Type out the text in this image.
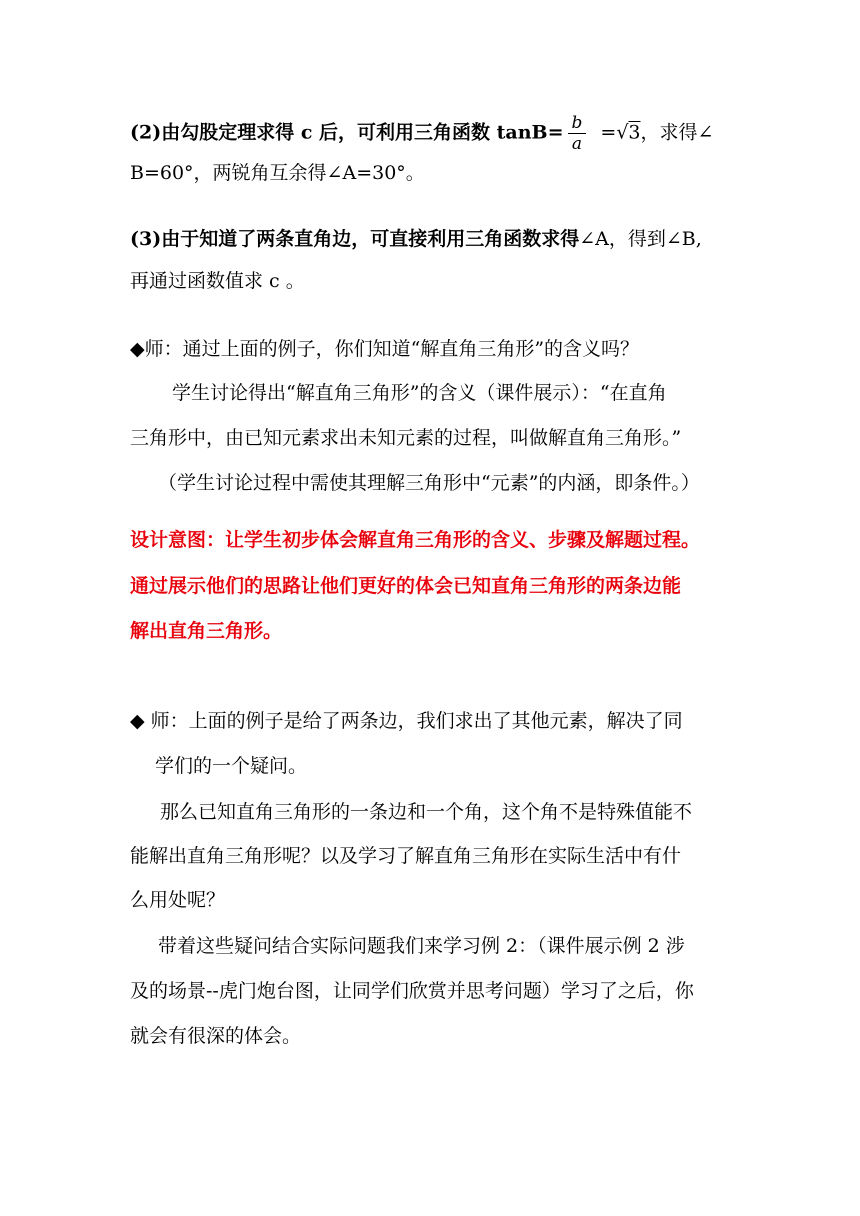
(2)由勾股定理求得 c 后，可利用三角函数 $\tan B= \frac{b}{a} =√3$，求得∠
B=60°，两锐角互余得∠A=30°。
(3)由于知道了两条直角边，可直接利用三角函数求得∠A，得到∠B,
再通过函数值求 c 。
◆师：通过上面的例子，你们知道“解直角三角形”的含义吗？
学生讨论得出“解直角三角形”的含义（课件展示）：“在直角
三角形中，由已知元素求出未知元素的过程，叫做解直角三角形。”
（学生讨论过程中需使其理解三角形中“元素”的内涵，即条件。）
设计意图：让学生初步体会解直角三角形的含义、步骤及解题过程。
通过展示他们的思路让他们更好的体会已知直角三角形的两条边能
解出直角三角形。
◆ 师：上面的例子是给了两条边，我们求出了其他元素，解决了同
学们的一个疑问。
那么已知直角三角形的一条边和一个角，这个角不是特殊值能不
能解出直角三角形呢？以及学习了解直角三角形在实际生活中有什
么用处呢？
带着这些疑问结合实际问题我们来学习例 2：（课件展示例 2 涉
及的场景--虎门炮台图，让同学们欣赏并思考问题）学习了之后，你
就会有很深的体会。
